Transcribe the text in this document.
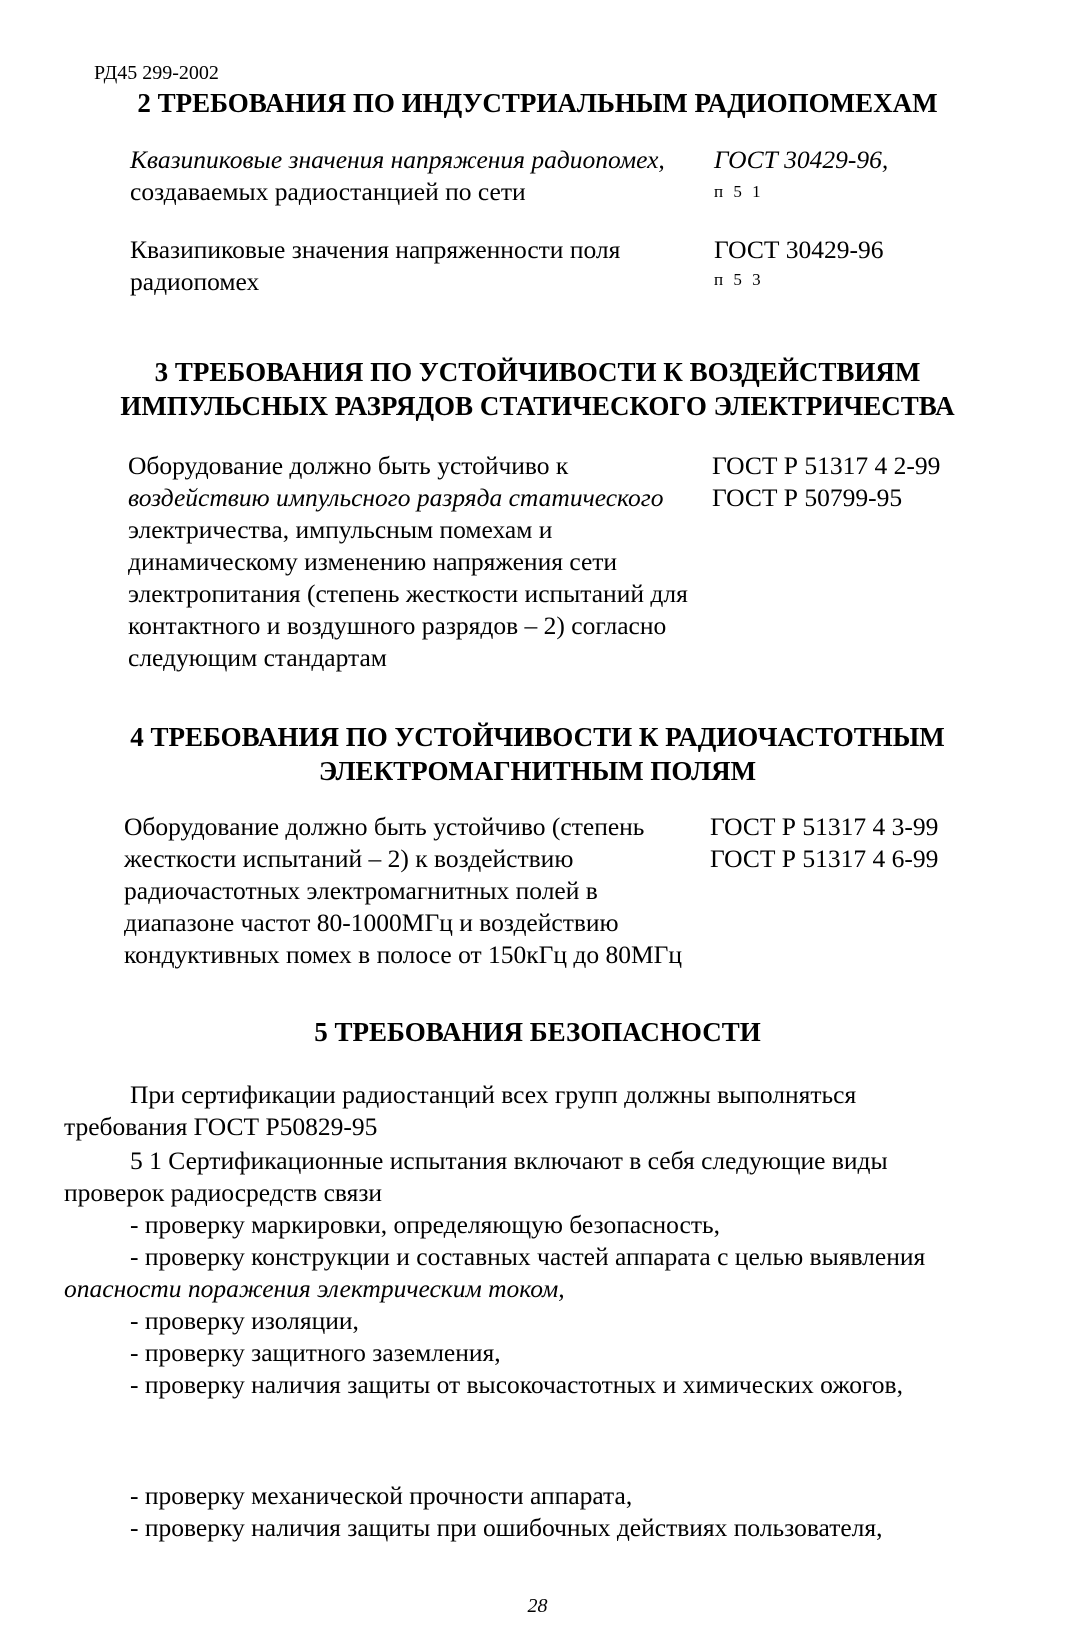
РД45 299-2002
2 ТРЕБОВАНИЯ ПО ИНДУСТРИАЛЬНЫМ РАДИОПОМЕХАМ
Квазипиковые значения напряжения радиопомех,
создаваемых радиостанцией по сети
ГОСТ 30429-96,
п 5 1
Квазипиковые значения напряженности поля
радиопомех
ГОСТ 30429-96
п 5 3
3 ТРЕБОВАНИЯ ПО УСТОЙЧИВОСТИ К ВОЗДЕЙСТВИЯМ
ИМПУЛЬСНЫХ РАЗРЯДОВ СТАТИЧЕСКОГО ЭЛЕКТРИЧЕСТВА
Оборудование должно быть устойчиво к
воздействию импульсного разряда статического
электричества, импульсным помехам и
динамическому изменению напряжения сети
электропитания (степень жесткости испытаний для
контактного и воздушного разрядов – 2) согласно
следующим стандартам
ГОСТ Р 51317 4 2-99
ГОСТ Р 50799-95
4 ТРЕБОВАНИЯ ПО УСТОЙЧИВОСТИ К РАДИОЧАСТОТНЫМ
ЭЛЕКТРОМАГНИТНЫМ ПОЛЯМ
Оборудование должно быть устойчиво (степень
жесткости испытаний – 2) к воздействию
радиочастотных электромагнитных полей в
диапазоне частот 80-1000МГц и воздействию
кондуктивных помех в полосе от 150кГц до 80МГц
ГОСТ Р 51317 4 3-99
ГОСТ Р 51317 4 6-99
5 ТРЕБОВАНИЯ БЕЗОПАСНОСТИ
При сертификации радиостанций всех групп должны выполняться
требования ГОСТ Р50829-95
5 1 Сертификационные испытания включают в себя следующие виды
проверок радиосредств связи
- проверку маркировки, определяющую безопасность,
- проверку конструкции и составных частей аппарата с целью выявления
опасности поражения электрическим током,
- проверку изоляции,
- проверку защитного заземления,
- проверку наличия защиты от высокочастотных и химических ожогов,
- проверку механической прочности аппарата,
- проверку наличия защиты при ошибочных действиях пользователя,
28
